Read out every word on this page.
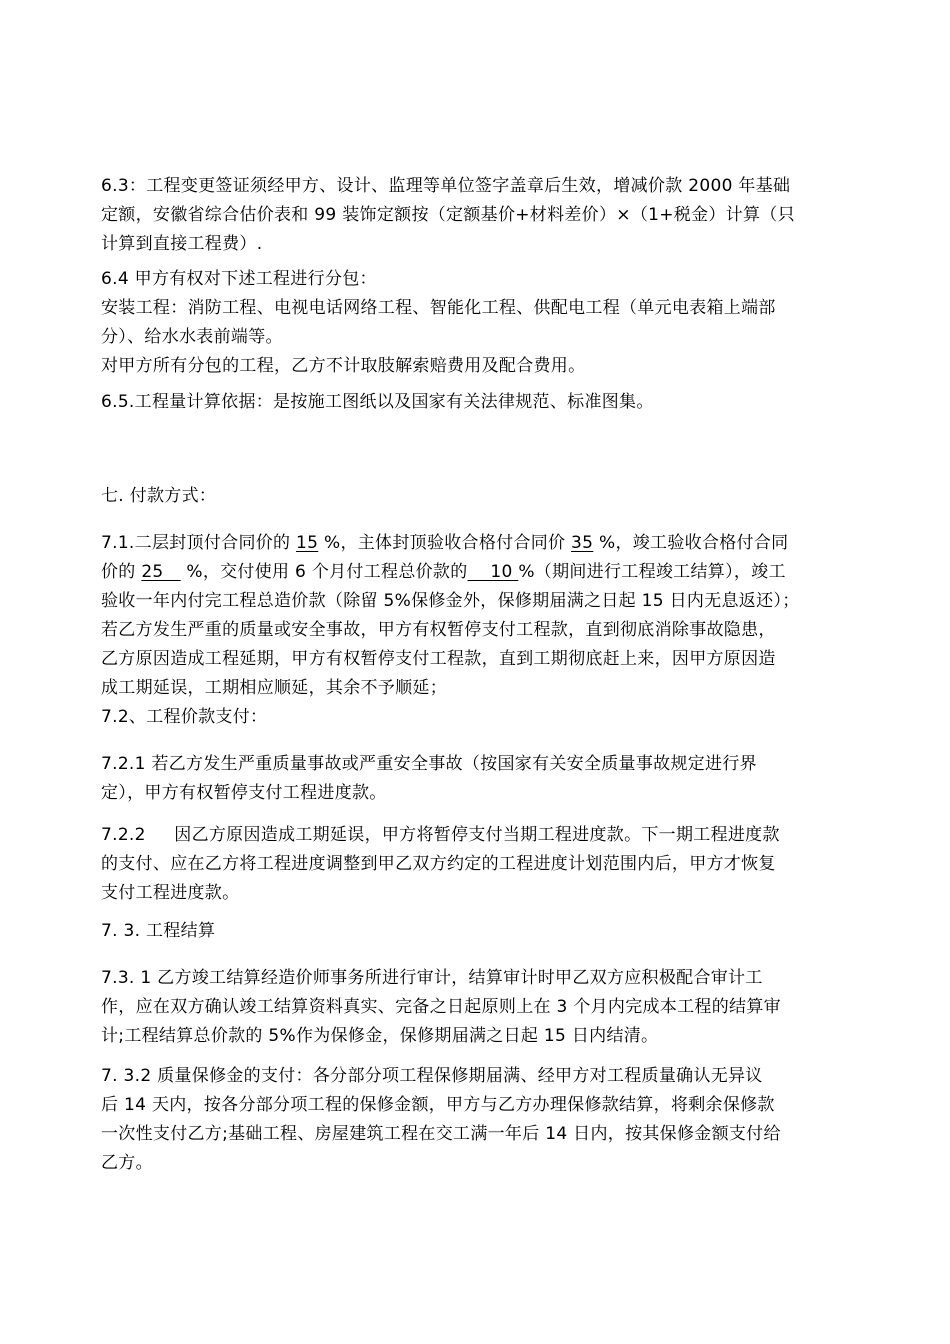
6.3：工程变更签证须经甲方、设计、监理等单位签字盖章后生效，增减价款 2000 年基础
定额，安徽省综合估价表和 99 装饰定额按（定额基价+材料差价）×（1+税金）计算（只
计算到直接工程费）.

6.4 甲方有权对下述工程进行分包：
安装工程：消防工程、电视电话网络工程、智能化工程、供配电工程（单元电表箱上端部
分）、给水水表前端等。
对甲方所有分包的工程，乙方不计取肢解索赔费用及配合费用。

6.5.工程量计算依据：是按施工图纸以及国家有关法律规范、标准图集。

七. 付款方式：

7.1.二层封顶付合同价的 15 %，主体封顶验收合格付合同价 35 %，竣工验收合格付合同
价的 25    %，交付使用 6 个月付工程总价款的    10 %（期间进行工程竣工结算），竣工
验收一年内付完工程总造价款（除留 5%保修金外，保修期届满之日起 15 日内无息返还）；
若乙方发生严重的质量或安全事故，甲方有权暂停支付工程款，直到彻底消除事故隐患，
乙方原因造成工程延期，甲方有权暂停支付工程款，直到工期彻底赶上来，因甲方原因造
成工期延误，工期相应顺延，其余不予顺延；

7.2、工程价款支付：

7.2.1 若乙方发生严重质量事故或严重安全事故（按国家有关安全质量事故规定进行界
定），甲方有权暂停支付工程进度款。

7.2.2     因乙方原因造成工期延误，甲方将暂停支付当期工程进度款。下一期工程进度款
的支付、应在乙方将工程进度调整到甲乙双方约定的工程进度计划范围内后，甲方才恢复
支付工程进度款。

7. 3. 工程结算

7.3. 1 乙方竣工结算经造价师事务所进行审计，结算审计时甲乙双方应积极配合审计工
作，应在双方确认竣工结算资料真实、完备之日起原则上在 3 个月内完成本工程的结算审
计;工程结算总价款的 5%作为保修金，保修期届满之日起 15 日内结清。

7. 3.2 质量保修金的支付：各分部分项工程保修期届满、经甲方对工程质量确认无异议
后 14 天内，按各分部分项工程的保修金额，甲方与乙方办理保修款结算，将剩余保修款
一次性支付乙方;基础工程、房屋建筑工程在交工满一年后 14 日内，按其保修金额支付给
乙方。
